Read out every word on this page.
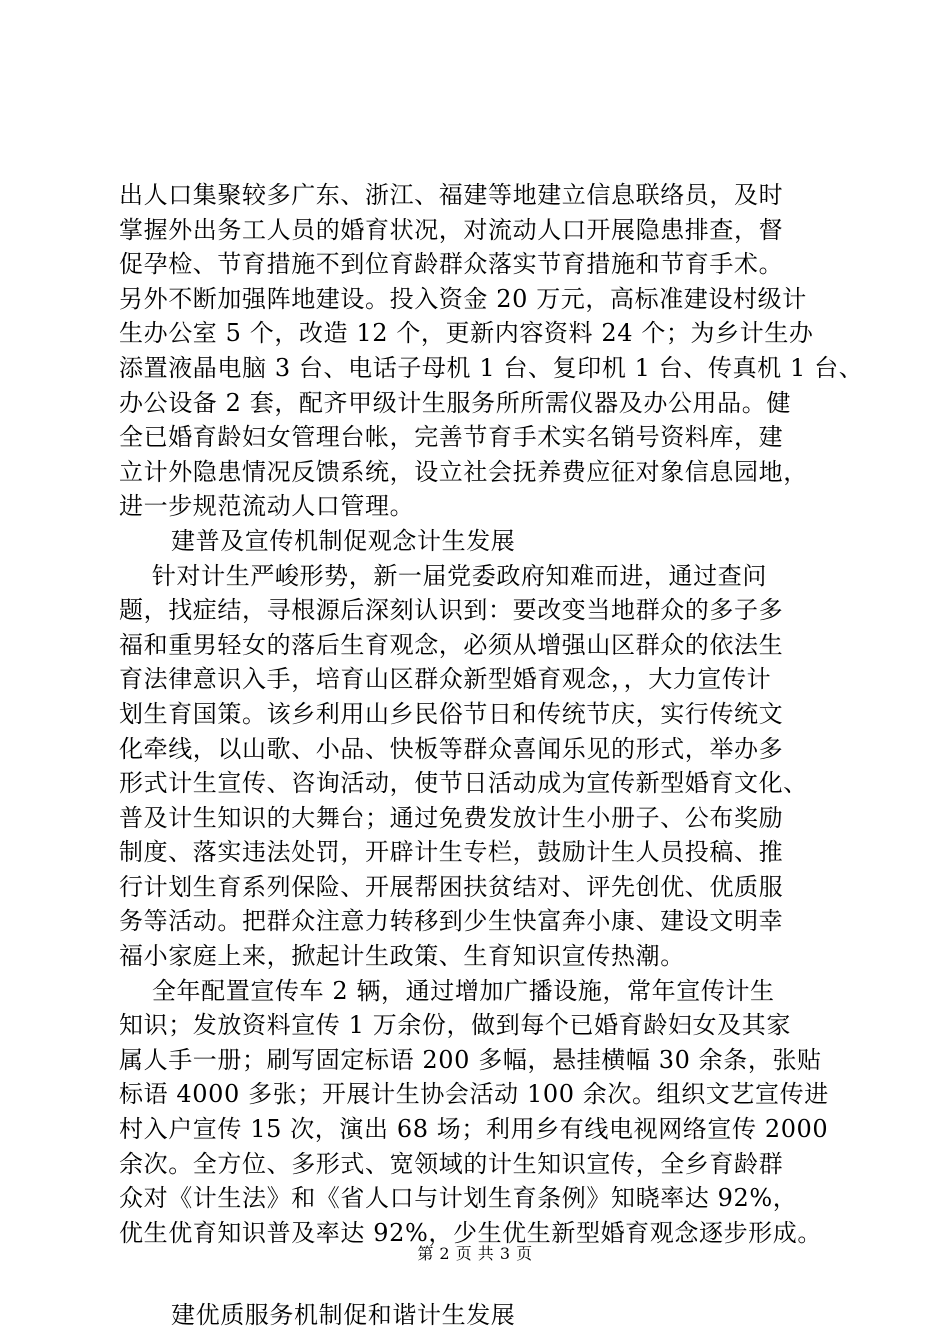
出人口集聚较多广东、浙江、福建等地建立信息联络员，及时
掌握外出务工人员的婚育状况，对流动人口开展隐患排查，督
促孕检、节育措施不到位育龄群众落实节育措施和节育手术。
另外不断加强阵地建设。投入资金 20 万元，高标准建设村级计
生办公室 5 个，改造 12 个，更新内容资料 24 个；为乡计生办
添置液晶电脑 3 台、电话子母机 1 台、复印机 1 台、传真机 1 台、
办公设备 2 套，配齐甲级计生服务所所需仪器及办公用品。健
全已婚育龄妇女管理台帐，完善节育手术实名销号资料库，建
立计外隐患情况反馈系统，设立社会抚养费应征对象信息园地，
进一步规范流动人口管理。
建普及宣传机制促观念计生发展
针对计生严峻形势，新一届党委政府知难而进，通过查问
题，找症结，寻根源后深刻认识到：要改变当地群众的多子多
福和重男轻女的落后生育观念，必须从增强山区群众的依法生
育法律意识入手，培育山区群众新型婚育观念，，大力宣传计
划生育国策。该乡利用山乡民俗节日和传统节庆，实行传统文
化牵线，以山歌、小品、快板等群众喜闻乐见的形式，举办多
形式计生宣传、咨询活动，使节日活动成为宣传新型婚育文化、
普及计生知识的大舞台；通过免费发放计生小册子、公布奖励
制度、落实违法处罚，开辟计生专栏，鼓励计生人员投稿、推
行计划生育系列保险、开展帮困扶贫结对、评先创优、优质服
务等活动。把群众注意力转移到少生快富奔小康、建设文明幸
福小家庭上来，掀起计生政策、生育知识宣传热潮。
全年配置宣传车 2 辆，通过增加广播设施，常年宣传计生
知识；发放资料宣传 1 万余份，做到每个已婚育龄妇女及其家
属人手一册；刷写固定标语 200 多幅，悬挂横幅 30 余条，张贴
标语 4000 多张；开展计生协会活动 100 余次。组织文艺宣传进
村入户宣传 15 次，演出 68 场；利用乡有线电视网络宣传 2000
余次。全方位、多形式、宽领域的计生知识宣传，全乡育龄群
众对《计生法》和《省人口与计划生育条例》知晓率达 92%，
优生优育知识普及率达 92%，少生优生新型婚育观念逐步形成。
建优质服务机制促和谐计生发展
第 2 页 共 3 页
